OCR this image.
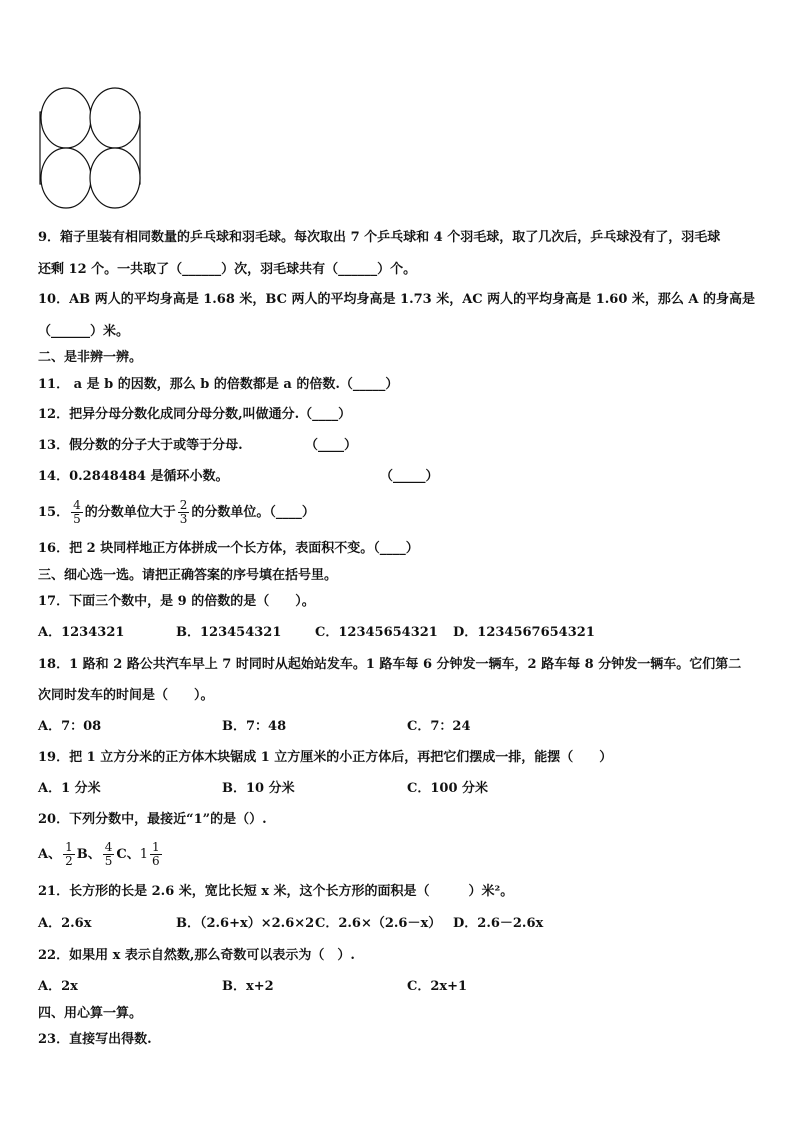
9．箱子里装有相同数量的乒乓球和羽毛球。每次取出 7 个乒乓球和 4 个羽毛球，取了几次后，乒乓球没有了，羽毛球
还剩 12 个。一共取了（______）次，羽毛球共有（______）个。
10．AB 两人的平均身高是 1.68 米，BC 两人的平均身高是 1.73 米，AC 两人的平均身高是 1.60 米，那么 A 的身高是
（______）米。
二、是非辨一辨。
11． a 是 b 的因数，那么 b 的倍数都是 a 的倍数.（_____）
12．把异分母分数化成同分母分数,叫做通分.（____）
13．假分数的分子大于或等于分母.	（____）
14．0.2848484 是循环小数。	（_____）
15． $\frac{4}{5}$ 的分数单位大于 $\frac{2}{3}$ 的分数单位。（____）
16．把 2 块同样地正方体拼成一个长方体，表面积不变。（____）
三、细心选一选。请把正确答案的序号填在括号里。
17．下面三个数中，是 9 的倍数的是（　　）。
A．1234321	B．123454321	C．12345654321 D．1234567654321
18．1 路和 2 路公共汽车早上 7 时同时从起始站发车。1 路车每 6 分钟发一辆车，2 路车每 8 分钟发一辆车。它们第二
次同时发车的时间是（　　）。
A．7：08	B．7：48	C．7：24
19．把 1 立方分米的正方体木块锯成 1 立方厘米的小正方体后，再把它们摆成一排，能摆（　　）
A．1 分米	B．10 分米	C．100 分米
20．下列分数中，最接近“1”的是（）.
A、 $\frac{1}{2}$ B、 $\frac{4}{5}$ C、$1 \frac{1}{6}$
21．长方形的长是 2.6 米，宽比长短 x 米，这个长方形的面积是（　　　）米²。
A．2.6x	B．（2.6+x）×2.6×2 C．2.6×（2.6－x） D．2.6－2.6x
22．如果用 x 表示自然数,那么奇数可以表示为（　）.
A．2x	B．x+2	C．2x+1
四、用心算一算。
23．直接写出得数.
